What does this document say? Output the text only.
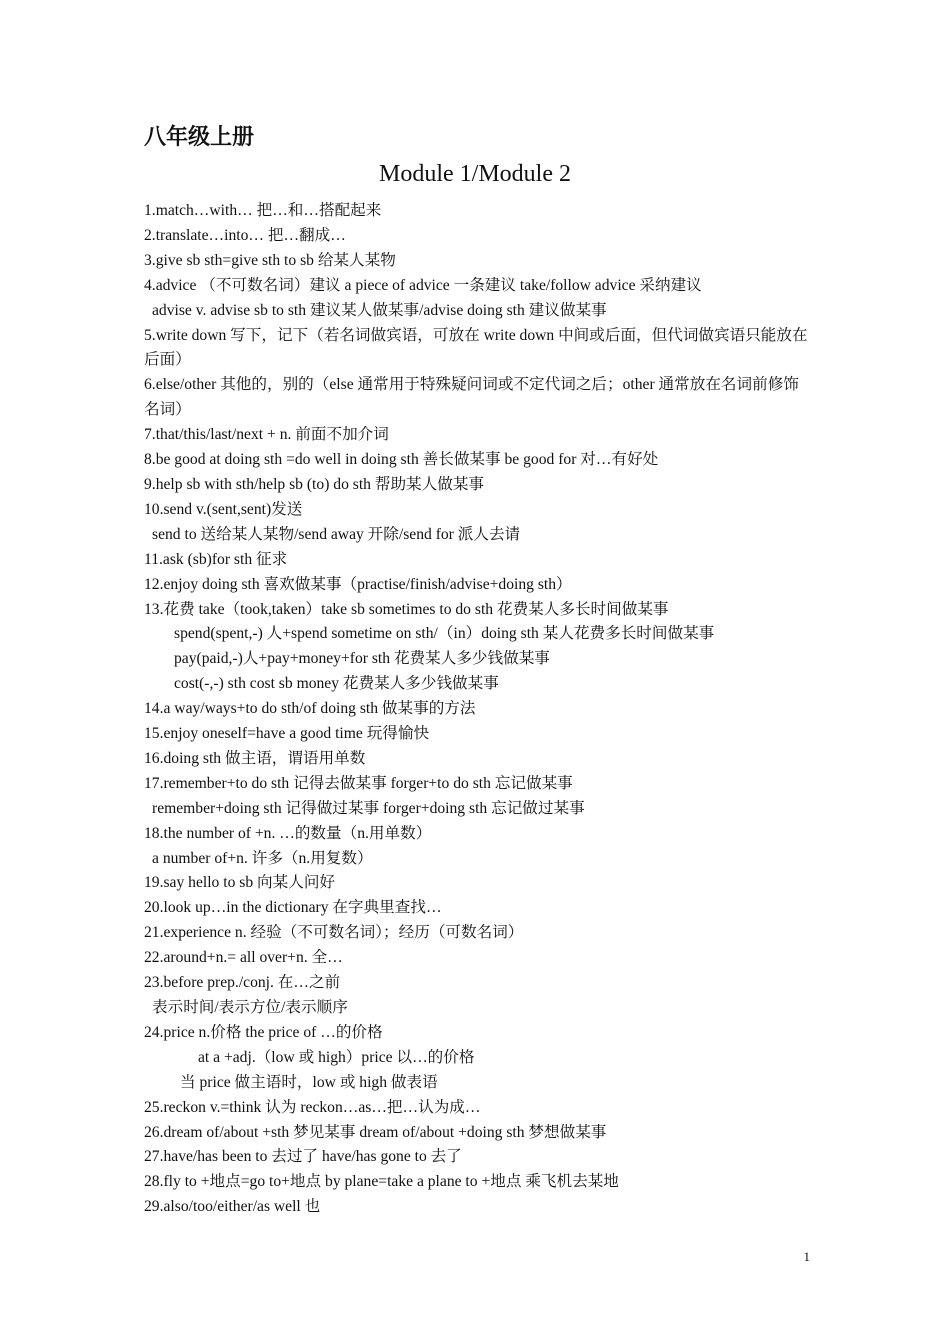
八年级上册
Module 1/Module 2
1.match…with… 把…和…搭配起来
2.translate…into… 把…翻成…
3.give sb sth=give sth to sb 给某人某物
4.advice （不可数名词）建议 a piece of advice 一条建议 take/follow advice 采纳建议
advise v. advise sb to sth 建议某人做某事/advise doing sth 建议做某事
5.write down 写下，记下（若名词做宾语，可放在 write down 中间或后面，但代词做宾语只能放在后面）
6.else/other 其他的，别的（else 通常用于特殊疑问词或不定代词之后；other 通常放在名词前修饰名词）
7.that/this/last/next + n. 前面不加介词
8.be good at doing sth =do well in doing sth 善长做某事 be good for 对…有好处
9.help sb with sth/help sb (to) do sth 帮助某人做某事
10.send v.(sent,sent)发送
send to 送给某人某物/send away 开除/send for 派人去请
11.ask (sb)for sth 征求
12.enjoy doing sth 喜欢做某事（practise/finish/advise+doing sth）
13.花费 take（took,taken）take sb sometimes to do sth 花费某人多长时间做某事
spend(spent,-) 人+spend sometime on sth/（in）doing sth 某人花费多长时间做某事
pay(paid,-)人+pay+money+for sth 花费某人多少钱做某事
cost(-,-) sth cost sb money 花费某人多少钱做某事
14.a way/ways+to do sth/of doing sth 做某事的方法
15.enjoy oneself=have a good time 玩得愉快
16.doing sth 做主语，谓语用单数
17.remember+to do sth 记得去做某事 forger+to do sth 忘记做某事
remember+doing sth 记得做过某事 forger+doing sth 忘记做过某事
18.the number of +n. …的数量（n.用单数）
a number of+n. 许多（n.用复数）
19.say hello to sb 向某人问好
20.look up…in the dictionary 在字典里查找…
21.experience n. 经验（不可数名词）；经历（可数名词）
22.around+n.= all over+n. 全…
23.before prep./conj. 在…之前
表示时间/表示方位/表示顺序
24.price n.价格 the price of …的价格
at a +adj.（low 或 high）price 以…的价格
当 price 做主语时，low 或 high 做表语
25.reckon v.=think 认为 reckon…as…把…认为成…
26.dream of/about +sth 梦见某事 dream of/about +doing sth 梦想做某事
27.have/has been to 去过了 have/has gone to 去了
28.fly to +地点=go to+地点 by plane=take a plane to +地点 乘飞机去某地
29.also/too/either/as well 也
1
